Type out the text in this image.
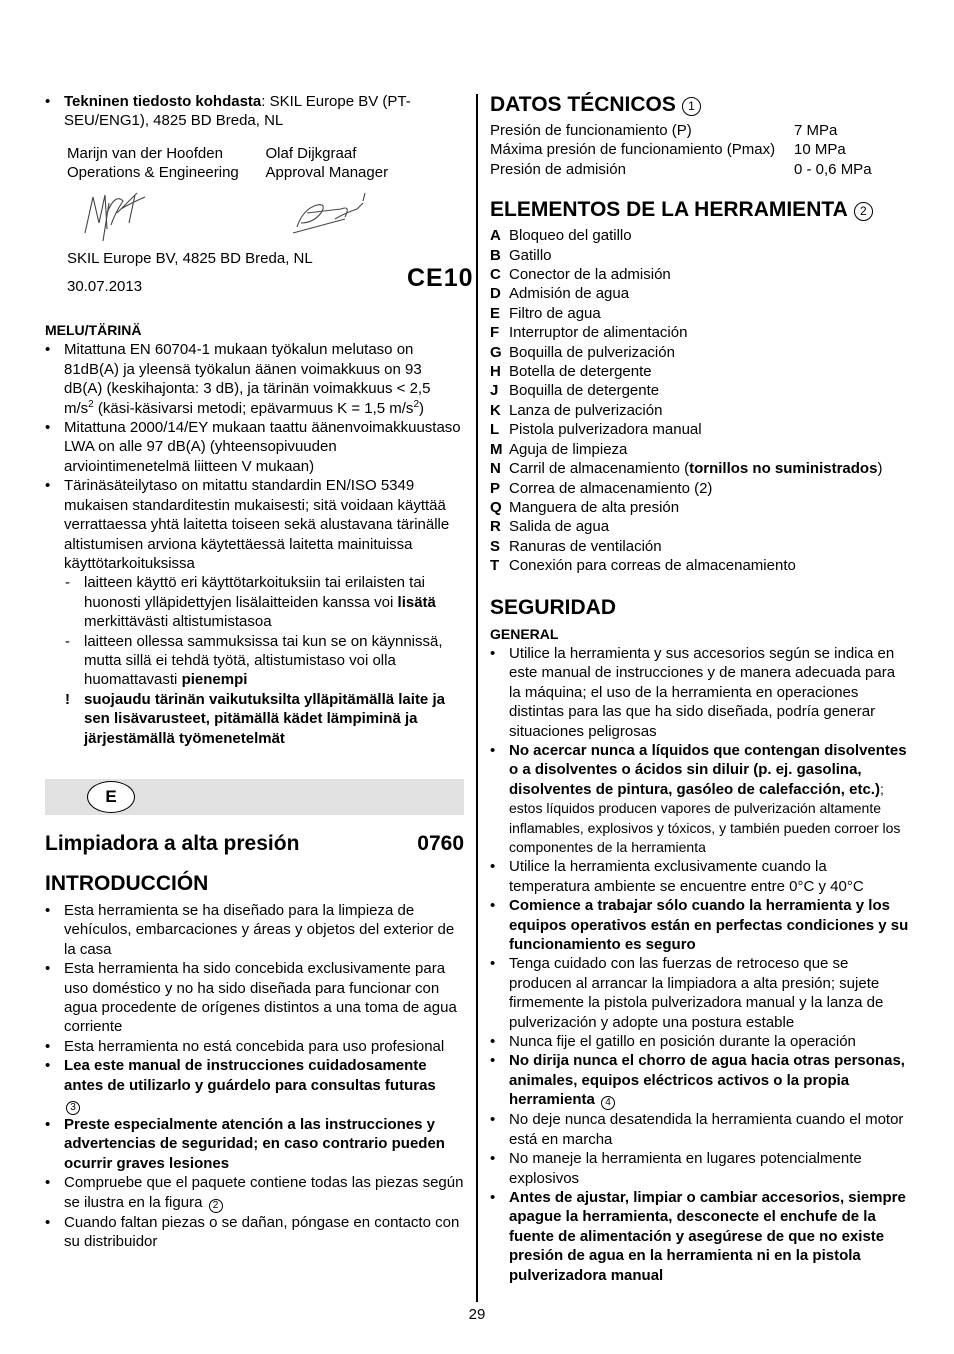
• Tekninen tiedosto kohdasta: SKIL Europe BV (PT-SEU/ENG1), 4825 BD Breda, NL
Marijn van der Hoofden
Operations & Engineering
Olaf Dijkgraaf
Approval Manager
SKIL Europe BV, 4825 BD Breda, NL
30.07.2013	CE10
MELU/TÄRINÄ
• Mitattuna EN 60704-1 mukaan työkalun melutaso on 81dB(A) ja yleensä työkalun äänen voimakkuus on 93 dB(A) (keskihajonta: 3 dB), ja tärinän voimakkuus < 2,5 $m/s^2$ (käsi-käsivarsi metodi; epävarmuus K = 1,5 $m/s^2$)
• Mitattuna 2000/14/EY mukaan taattu äänenvoimakkuustaso LWA on alle 97 dB(A) (yhteensopivuuden arviointimenetelmä liitteen V mukaan)
• Tärinäsäteilytaso on mitattu standardin EN/ISO 5349 mukaisen standarditestin mukaisesti; sitä voidaan käyttää verrattaessa yhtä laitetta toiseen sekä alustavana tärinälle altistumisen arviona käytettäessä laitetta mainituissa käyttötarkoituksissa
- laitteen käyttö eri käyttötarkoituksiin tai erilaisten tai huonosti ylläpidettyjen lisälaitteiden kanssa voi lisätä merkittävästi altistumistasoa
- laitteen ollessa sammuksissa tai kun se on käynnissä, mutta sillä ei tehdä työtä, altistumistaso voi olla huomattavasti pienempi
! suojaudu tärinän vaikutuksilta ylläpitämällä laite ja sen lisävarusteet, pitämällä kädet lämpiminä ja järjestämällä työmenetelmät
E
Limpiadora a alta presión	0760
INTRODUCCIÓN
• Esta herramienta se ha diseñado para la limpieza de vehículos, embarcaciones y áreas y objetos del exterior de la casa
• Esta herramienta ha sido concebida exclusivamente para uso doméstico y no ha sido diseñada para funcionar con agua procedente de orígenes distintos a una toma de agua corriente
• Esta herramienta no está concebida para uso profesional
• Lea este manual de instrucciones cuidadosamente antes de utilizarlo y guárdelo para consultas futuras
3
• Preste especialmente atención a las instrucciones y advertencias de seguridad; en caso contrario pueden ocurrir graves lesiones
• Compruebe que el paquete contiene todas las piezas según se ilustra en la figura 2
• Cuando faltan piezas o se dañan, póngase en contacto con su distribuidor
DATOS TÉCNICOS 1
Presión de funcionamiento (P)	7 MPa
Máxima presión de funcionamiento (Pmax)	10 MPa
Presión de admisión	0 - 0,6 MPa
ELEMENTOS DE LA HERRAMIENTA 2
A Bloqueo del gatillo
B Gatillo
C Conector de la admisión
D Admisión de agua
E Filtro de agua
F Interruptor de alimentación
G Boquilla de pulverización
H Botella de detergente
J Boquilla de detergente
K Lanza de pulverización
L Pistola pulverizadora manual
M Aguja de limpieza
N Carril de almacenamiento (tornillos no suministrados)
P Correa de almacenamiento (2)
Q Manguera de alta presión
R Salida de agua
S Ranuras de ventilación
T Conexión para correas de almacenamiento
SEGURIDAD
GENERAL
• Utilice la herramienta y sus accesorios según se indica en este manual de instrucciones y de manera adecuada para la máquina; el uso de la herramienta en operaciones distintas para las que ha sido diseñada, podría generar situaciones peligrosas
• No acercar nunca a líquidos que contengan disolventes o a disolventes o ácidos sin diluir (p. ej. gasolina, disolventes de pintura, gasóleo de calefacción, etc.); estos líquidos producen vapores de pulverización altamente inflamables, explosivos y tóxicos, y también pueden corroer los componentes de la herramienta
• Utilice la herramienta exclusivamente cuando la temperatura ambiente se encuentre entre 0°C y 40°C
• Comience a trabajar sólo cuando la herramienta y los equipos operativos están en perfectas condiciones y su funcionamiento es seguro
• Tenga cuidado con las fuerzas de retroceso que se producen al arrancar la limpiadora a alta presión; sujete firmemente la pistola pulverizadora manual y la lanza de pulverización y adopte una postura estable
• Nunca fije el gatillo en posición durante la operación
• No dirija nunca el chorro de agua hacia otras personas, animales, equipos eléctricos activos o la propia herramienta 4
• No deje nunca desatendida la herramienta cuando el motor está en marcha
• No maneje la herramienta en lugares potencialmente explosivos
• Antes de ajustar, limpiar o cambiar accesorios, siempre apague la herramienta, desconecte el enchufe de la fuente de alimentación y asegúrese de que no existe presión de agua en la herramienta ni en la pistola pulverizadora manual
29
